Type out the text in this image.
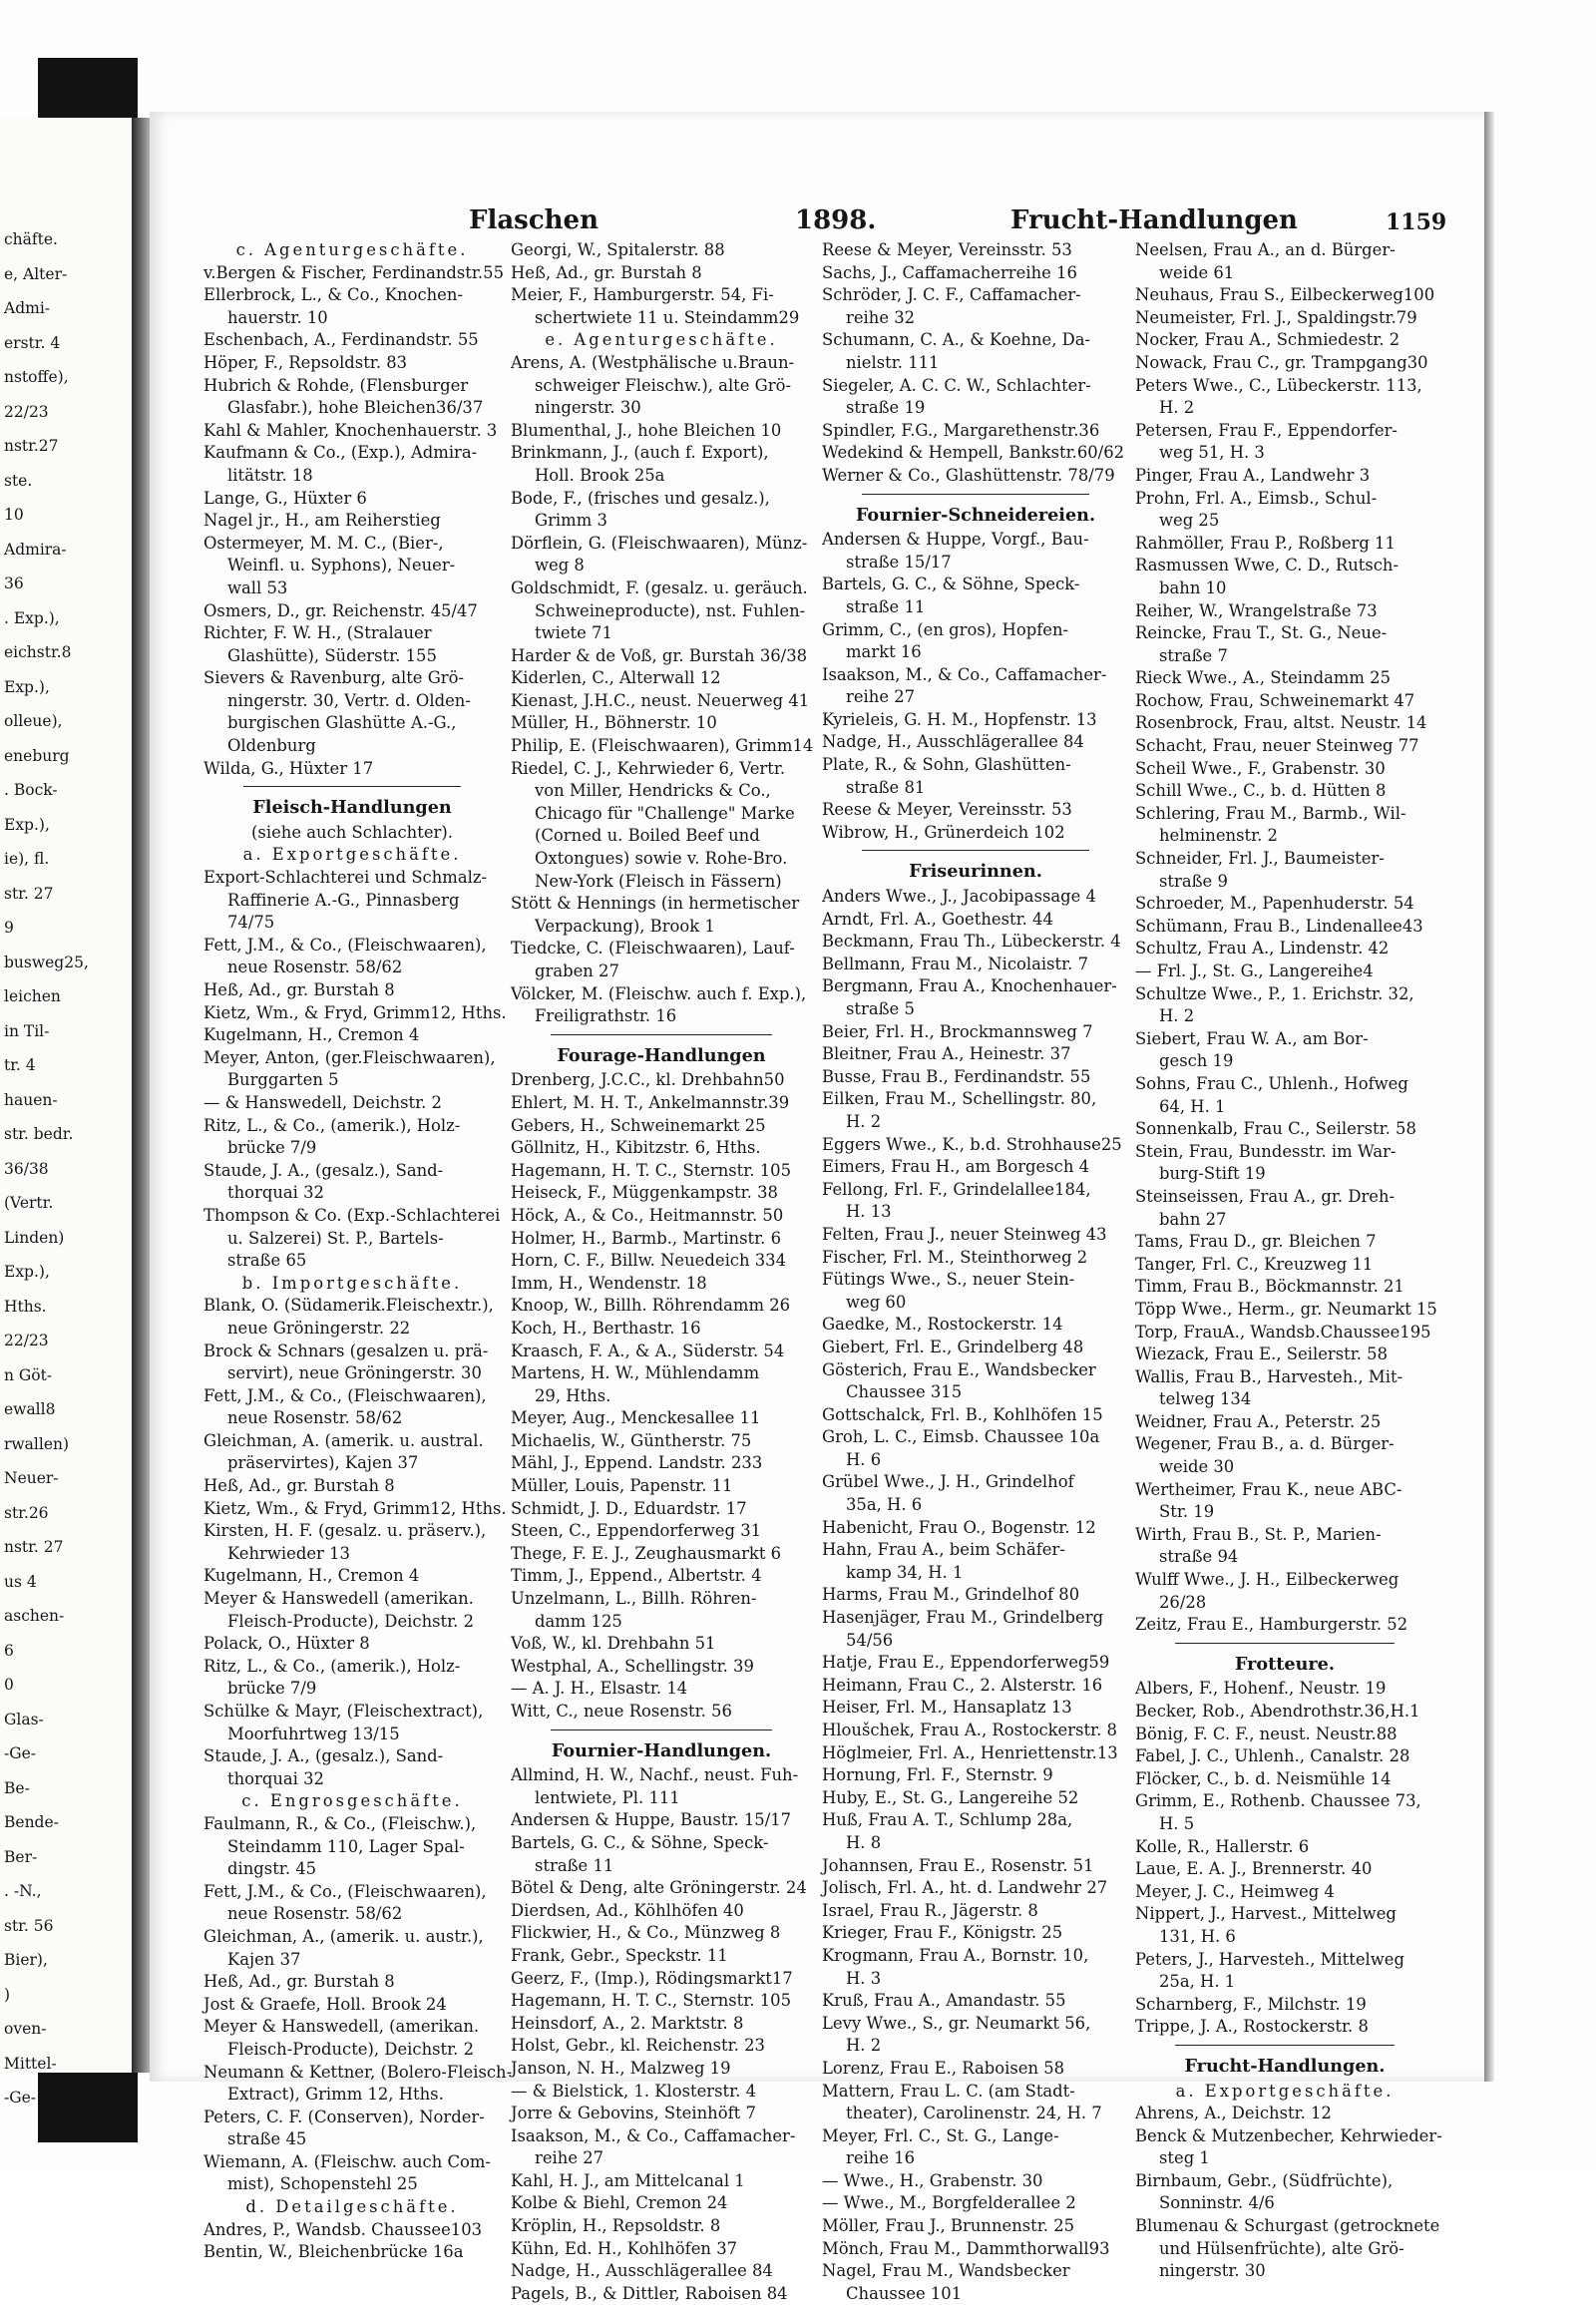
chäfte.
e, Alter-
Admi-
erstr. 4
nstoffe),
22/23
nstr.27
ste.
10
Admira-
36
. Exp.),
eichstr.8
Exp.),
olleue),
eneburg
. Bock-
Exp.),
ie), fl.
str. 27
9
busweg25,
leichen
in Til-
tr. 4
hauen-
str. bedr.
36/38
(Vertr.
Linden)
Exp.),
Hths.
22/23
n Göt-
ewall8
rwallen)
Neuer-
str.26
nstr. 27
us 4
aschen-
6
0
Glas-
-Ge-
Be-
Bende-
Ber-
. -N.,
str. 56
Bier),
)
oven-
Mittel-
-Ge-
Flaschen	1898.	Frucht-Handlungen	1159
c. Agenturgeschäfte.
v.Bergen & Fischer, Ferdinandstr.55
Ellerbrock, L., & Co., Knochen-
hauerstr. 10
Eschenbach, A., Ferdinandstr. 55
Höper, F., Repsoldstr. 83
Hubrich & Rohde, (Flensburger
Glasfabr.), hohe Bleichen36/37
Kahl & Mahler, Knochenhauerstr. 3
Kaufmann & Co., (Exp.), Admira-
litätstr. 18
Lange, G., Hüxter 6
Nagel jr., H., am Reiherstieg
Ostermeyer, M. M. C., (Bier-,
Weinfl. u. Syphons), Neuer-
wall 53
Osmers, D., gr. Reichenstr. 45/47
Richter, F. W. H., (Stralauer
Glashütte), Süderstr. 155
Sievers & Ravenburg, alte Grö-
ningerstr. 30, Vertr. d. Olden-
burgischen Glashütte A.-G.,
Oldenburg
Wilda, G., Hüxter 17
Fleisch-Handlungen
(siehe auch Schlachter).
a. Exportgeschäfte.
Export-Schlachterei und Schmalz-
Raffinerie A.-G., Pinnasberg
74/75
Fett, J.M., & Co., (Fleischwaaren),
neue Rosenstr. 58/62
Heß, Ad., gr. Burstah 8
Kietz, Wm., & Fryd, Grimm12, Hths.
Kugelmann, H., Cremon 4
Meyer, Anton, (ger.Fleischwaaren),
Burggarten 5
— & Hanswedell, Deichstr. 2
Ritz, L., & Co., (amerik.), Holz-
brücke 7/9
Staude, J. A., (gesalz.), Sand-
thorquai 32
Thompson & Co. (Exp.-Schlachterei
u. Salzerei) St. P., Bartels-
straße 65
b. Importgeschäfte.
Blank, O. (Südamerik.Fleischextr.),
neue Gröningerstr. 22
Brock & Schnars (gesalzen u. prä-
servirt), neue Gröningerstr. 30
Fett, J.M., & Co., (Fleischwaaren),
neue Rosenstr. 58/62
Gleichman, A. (amerik. u. austral.
präservirtes), Kajen 37
Heß, Ad., gr. Burstah 8
Kietz, Wm., & Fryd, Grimm12, Hths.
Kirsten, H. F. (gesalz. u. präserv.),
Kehrwieder 13
Kugelmann, H., Cremon 4
Meyer & Hanswedell (amerikan.
Fleisch-Producte), Deichstr. 2
Polack, O., Hüxter 8
Ritz, L., & Co., (amerik.), Holz-
brücke 7/9
Schülke & Mayr, (Fleischextract),
Moorfuhrtweg 13/15
Staude, J. A., (gesalz.), Sand-
thorquai 32
c. Engrosgeschäfte.
Faulmann, R., & Co., (Fleischw.),
Steindamm 110, Lager Spal-
dingstr. 45
Fett, J.M., & Co., (Fleischwaaren),
neue Rosenstr. 58/62
Gleichman, A., (amerik. u. austr.),
Kajen 37
Heß, Ad., gr. Burstah 8
Jost & Graefe, Holl. Brook 24
Meyer & Hanswedell, (amerikan.
Fleisch-Producte), Deichstr. 2
Neumann & Kettner, (Bolero-Fleisch-
Extract), Grimm 12, Hths.
Peters, C. F. (Conserven), Norder-
straße 45
Wiemann, A. (Fleischw. auch Com-
mist), Schopenstehl 25
d. Detailgeschäfte.
Andres, P., Wandsb. Chaussee103
Bentin, W., Bleichenbrücke 16a
Georgi, W., Spitalerstr. 88
Heß, Ad., gr. Burstah 8
Meier, F., Hamburgerstr. 54, Fi-
schertwiete 11 u. Steindamm29
e. Agenturgeschäfte.
Arens, A. (Westphälische u.Braun-
schweiger Fleischw.), alte Grö-
ningerstr. 30
Blumenthal, J., hohe Bleichen 10
Brinkmann, J., (auch f. Export),
Holl. Brook 25a
Bode, F., (frisches und gesalz.),
Grimm 3
Dörflein, G. (Fleischwaaren), Münz-
weg 8
Goldschmidt, F. (gesalz. u. geräuch.
Schweineproducte), nst. Fuhlen-
twiete 71
Harder & de Voß, gr. Burstah 36/38
Kiderlen, C., Alterwall 12
Kienast, J.H.C., neust. Neuerweg 41
Müller, H., Böhnerstr. 10
Philip, E. (Fleischwaaren), Grimm14
Riedel, C. J., Kehrwieder 6, Vertr.
von Miller, Hendricks & Co.,
Chicago für "Challenge" Marke
(Corned u. Boiled Beef und
Oxtongues) sowie v. Rohe-Bro.
New-York (Fleisch in Fässern)
Stött & Hennings (in hermetischer
Verpackung), Brook 1
Tiedcke, C. (Fleischwaaren), Lauf-
graben 27
Völcker, M. (Fleischw. auch f. Exp.),
Freiligrathstr. 16
Fourage-Handlungen
Drenberg, J.C.C., kl. Drehbahn50
Ehlert, M. H. T., Ankelmannstr.39
Gebers, H., Schweinemarkt 25
Göllnitz, H., Kibitzstr. 6, Hths.
Hagemann, H. T. C., Sternstr. 105
Heiseck, F., Müggenkampstr. 38
Höck, A., & Co., Heitmannstr. 50
Holmer, H., Barmb., Martinstr. 6
Horn, C. F., Billw. Neuedeich 334
Imm, H., Wendenstr. 18
Knoop, W., Billh. Röhrendamm 26
Koch, H., Berthastr. 16
Kraasch, F. A., & A., Süderstr. 54
Martens, H. W., Mühlendamm
29, Hths.
Meyer, Aug., Menckesallee 11
Michaelis, W., Güntherstr. 75
Mähl, J., Eppend. Landstr. 233
Müller, Louis, Papenstr. 11
Schmidt, J. D., Eduardstr. 17
Steen, C., Eppendorferweg 31
Thege, F. E. J., Zeughausmarkt 6
Timm, J., Eppend., Albertstr. 4
Unzelmann, L., Billh. Röhren-
damm 125
Voß, W., kl. Drehbahn 51
Westphal, A., Schellingstr. 39
— A. J. H., Elsastr. 14
Witt, C., neue Rosenstr. 56
Fournier-Handlungen.
Allmind, H. W., Nachf., neust. Fuh-
lentwiete, Pl. 111
Andersen & Huppe, Baustr. 15/17
Bartels, G. C., & Söhne, Speck-
straße 11
Bötel & Deng, alte Gröningerstr. 24
Dierdsen, Ad., Köhlhöfen 40
Flickwier, H., & Co., Münzweg 8
Frank, Gebr., Speckstr. 11
Geerz, F., (Imp.), Rödingsmarkt17
Hagemann, H. T. C., Sternstr. 105
Heinsdorf, A., 2. Marktstr. 8
Holst, Gebr., kl. Reichenstr. 23
Janson, N. H., Malzweg 19
— & Bielstick, 1. Klosterstr. 4
Jorre & Gebovins, Steinhöft 7
Isaakson, M., & Co., Caffamacher-
reihe 27
Kahl, H. J., am Mittelcanal 1
Kolbe & Biehl, Cremon 24
Kröplin, H., Repsoldstr. 8
Kühn, Ed. H., Kohlhöfen 37
Nadge, H., Ausschlägerallee 84
Pagels, B., & Dittler, Raboisen 84
Reese & Meyer, Vereinsstr. 53
Sachs, J., Caffamacherreihe 16
Schröder, J. C. F., Caffamacher-
reihe 32
Schumann, C. A., & Koehne, Da-
nielstr. 111
Siegeler, A. C. C. W., Schlachter-
straße 19
Spindler, F.G., Margarethenstr.36
Wedekind & Hempell, Bankstr.60/62
Werner & Co., Glashüttenstr. 78/79
Fournier-Schneidereien.
Andersen & Huppe, Vorgf., Bau-
straße 15/17
Bartels, G. C., & Söhne, Speck-
straße 11
Grimm, C., (en gros), Hopfen-
markt 16
Isaakson, M., & Co., Caffamacher-
reihe 27
Kyrieleis, G. H. M., Hopfenstr. 13
Nadge, H., Ausschlägerallee 84
Plate, R., & Sohn, Glashütten-
straße 81
Reese & Meyer, Vereinsstr. 53
Wibrow, H., Grünerdeich 102
Friseurinnen.
Anders Wwe., J., Jacobipassage 4
Arndt, Frl. A., Goethestr. 44
Beckmann, Frau Th., Lübeckerstr. 4
Bellmann, Frau M., Nicolaistr. 7
Bergmann, Frau A., Knochenhauer-
straße 5
Beier, Frl. H., Brockmannsweg 7
Bleitner, Frau A., Heinestr. 37
Busse, Frau B., Ferdinandstr. 55
Eilken, Frau M., Schellingstr. 80,
H. 2
Eggers Wwe., K., b.d. Strohhause25
Eimers, Frau H., am Borgesch 4
Fellong, Frl. F., Grindelallee184,
H. 13
Felten, Frau J., neuer Steinweg 43
Fischer, Frl. M., Steinthorweg 2
Fütings Wwe., S., neuer Stein-
weg 60
Gaedke, M., Rostockerstr. 14
Giebert, Frl. E., Grindelberg 48
Gösterich, Frau E., Wandsbecker
Chaussee 315
Gottschalck, Frl. B., Kohlhöfen 15
Groh, L. C., Eimsb. Chaussee 10a
H. 6
Grübel Wwe., J. H., Grindelhof
35a, H. 6
Habenicht, Frau O., Bogenstr. 12
Hahn, Frau A., beim Schäfer-
kamp 34, H. 1
Harms, Frau M., Grindelhof 80
Hasenjäger, Frau M., Grindelberg
54/56
Hatje, Frau E., Eppendorferweg59
Heimann, Frau C., 2. Alsterstr. 16
Heiser, Frl. M., Hansaplatz 13
Hloušchek, Frau A., Rostockerstr. 8
Höglmeier, Frl. A., Henriettenstr.13
Hornung, Frl. F., Sternstr. 9
Huby, E., St. G., Langereihe 52
Huß, Frau A. T., Schlump 28a,
H. 8
Johannsen, Frau E., Rosenstr. 51
Jolisch, Frl. A., ht. d. Landwehr 27
Israel, Frau R., Jägerstr. 8
Krieger, Frau F., Königstr. 25
Krogmann, Frau A., Bornstr. 10,
H. 3
Kruß, Frau A., Amandastr. 55
Levy Wwe., S., gr. Neumarkt 56,
H. 2
Lorenz, Frau E., Raboisen 58
Mattern, Frau L. C. (am Stadt-
theater), Carolinenstr. 24, H. 7
Meyer, Frl. C., St. G., Lange-
reihe 16
— Wwe., H., Grabenstr. 30
— Wwe., M., Borgfelderallee 2
Möller, Frau J., Brunnenstr. 25
Mönch, Frau M., Dammthorwall93
Nagel, Frau M., Wandsbecker
Chaussee 101
Neelsen, Frau A., an d. Bürger-
weide 61
Neuhaus, Frau S., Eilbeckerweg100
Neumeister, Frl. J., Spaldingstr.79
Nocker, Frau A., Schmiedestr. 2
Nowack, Frau C., gr. Trampgang30
Peters Wwe., C., Lübeckerstr. 113,
H. 2
Petersen, Frau F., Eppendorfer-
weg 51, H. 3
Pinger, Frau A., Landwehr 3
Prohn, Frl. A., Eimsb., Schul-
weg 25
Rahmöller, Frau P., Roßberg 11
Rasmussen Wwe, C. D., Rutsch-
bahn 10
Reiher, W., Wrangelstraße 73
Reincke, Frau T., St. G., Neue-
straße 7
Rieck Wwe., A., Steindamm 25
Rochow, Frau, Schweinemarkt 47
Rosenbrock, Frau, altst. Neustr. 14
Schacht, Frau, neuer Steinweg 77
Scheil Wwe., F., Grabenstr. 30
Schill Wwe., C., b. d. Hütten 8
Schlering, Frau M., Barmb., Wil-
helminenstr. 2
Schneider, Frl. J., Baumeister-
straße 9
Schroeder, M., Papenhuderstr. 54
Schümann, Frau B., Lindenallee43
Schultz, Frau A., Lindenstr. 42
— Frl. J., St. G., Langereihe4
Schultze Wwe., P., 1. Erichstr. 32,
H. 2
Siebert, Frau W. A., am Bor-
gesch 19
Sohns, Frau C., Uhlenh., Hofweg
64, H. 1
Sonnenkalb, Frau C., Seilerstr. 58
Stein, Frau, Bundesstr. im War-
burg-Stift 19
Steinseissen, Frau A., gr. Dreh-
bahn 27
Tams, Frau D., gr. Bleichen 7
Tanger, Frl. C., Kreuzweg 11
Timm, Frau B., Böckmannstr. 21
Töpp Wwe., Herm., gr. Neumarkt 15
Torp, FrauA., Wandsb.Chaussee195
Wiezack, Frau E., Seilerstr. 58
Wallis, Frau B., Harvesteh., Mit-
telweg 134
Weidner, Frau A., Peterstr. 25
Wegener, Frau B., a. d. Bürger-
weide 30
Wertheimer, Frau K., neue ABC-
Str. 19
Wirth, Frau B., St. P., Marien-
straße 94
Wulff Wwe., J. H., Eilbeckerweg
26/28
Zeitz, Frau E., Hamburgerstr. 52
Frotteure.
Albers, F., Hohenf., Neustr. 19
Becker, Rob., Abendrothstr.36,H.1
Bönig, F. C. F., neust. Neustr.88
Fabel, J. C., Uhlenh., Canalstr. 28
Flöcker, C., b. d. Neismühle 14
Grimm, E., Rothenb. Chaussee 73,
H. 5
Kolle, R., Hallerstr. 6
Laue, E. A. J., Brennerstr. 40
Meyer, J. C., Heimweg 4
Nippert, J., Harvest., Mittelweg
131, H. 6
Peters, J., Harvesteh., Mittelweg
25a, H. 1
Scharnberg, F., Milchstr. 19
Trippe, J. A., Rostockerstr. 8
Frucht-Handlungen.
a. Exportgeschäfte.
Ahrens, A., Deichstr. 12
Benck & Mutzenbecher, Kehrwieder-
steg 1
Birnbaum, Gebr., (Südfrüchte),
Sonninstr. 4/6
Blumenau & Schurgast (getrocknete
und Hülsenfrüchte), alte Grö-
ningerstr. 30
